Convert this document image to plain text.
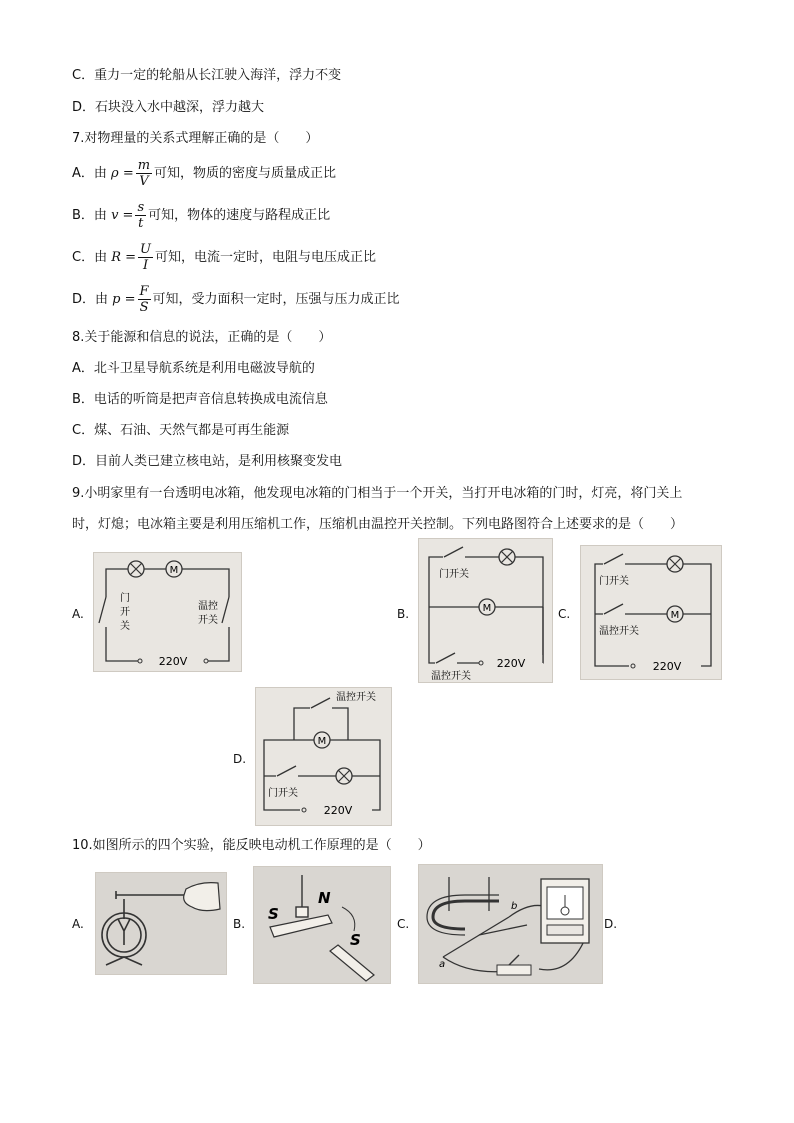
C．重力一定的轮船从长江驶入海洋，浮力不变
D．石块没入水中越深，浮力越大
7.对物理量的关系式理解正确的是（　　）
A．由 $\rho = \frac{m}{V}$ 可知，物质的密度与质量成正比
B．由 $v = \frac{s}{t}$ 可知，物体的速度与路程成正比
C．由 $R = \frac{U}{I}$ 可知，电流一定时，电阻与电压成正比
D．由 $p = \frac{F}{S}$ 可知，受力面积一定时，压强与压力成正比
8.关于能源和信息的说法，正确的是（　　）
A．北斗卫星导航系统是利用电磁波导航的
B．电话的听筒是把声音信息转换成电流信息
C．煤、石油、天然气都是可再生能源
D．目前人类已建立核电站，是利用核聚变发电
9.小明家里有一台透明电冰箱，他发现电冰箱的门相当于一个开关，当打开电冰箱的门时，灯亮，将门关上
时，灯熄；电冰箱主要是利用压缩机工作，压缩机由温控开关控制。下列电路图符合上述要求的是（　　）
A.
M
门
开
关
温控
开关
220V
B.
门开关
M
220V
温控开关
C.
门开关
M
温控开关
220V
D.
温控开关
M
门开关
220V
10.如图所示的四个实验，能反映电动机工作原理的是（　　）
A.	B.
S
N
S
C.
a
b
D.
